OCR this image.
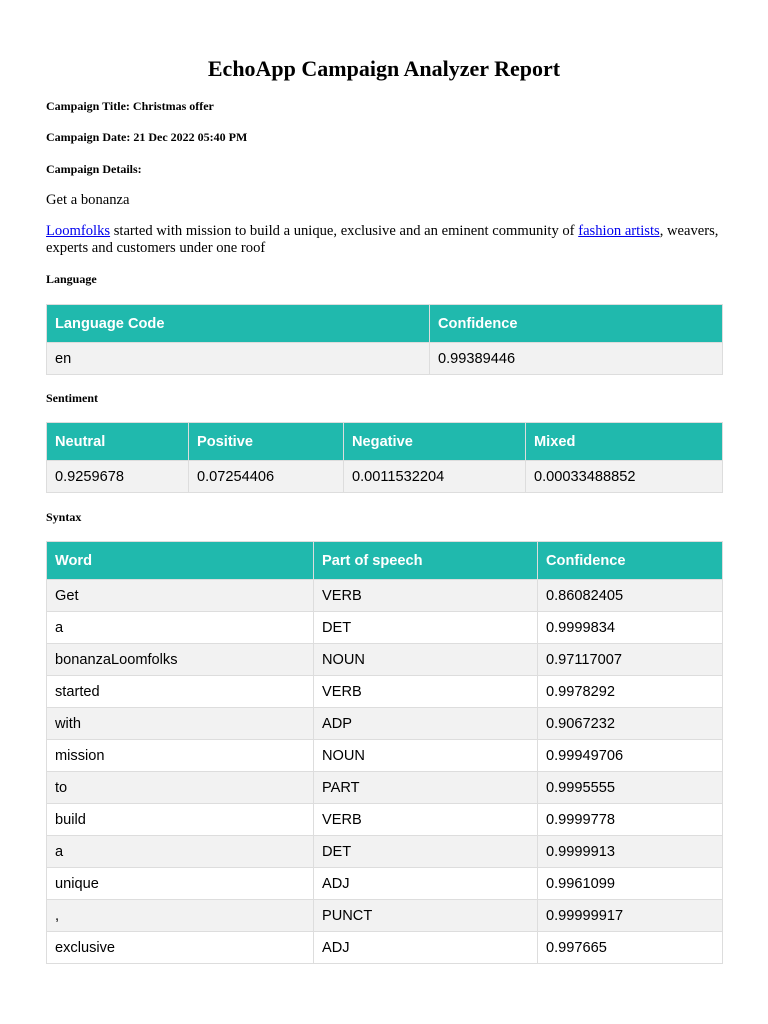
EchoApp Campaign Analyzer Report
Campaign Title: Christmas offer
Campaign Date: 21 Dec 2022 05:40 PM
Campaign Details:
Get a bonanza
Loomfolks started with mission to build a unique, exclusive and an eminent community of fashion artists, weavers, experts and customers under one roof
Language
Language Code	Confidence
en	0.99389446
Sentiment
Neutral	Positive	Negative	Mixed
0.9259678	0.07254406	0.0011532204	0.00033488852
Syntax
Word	Part of speech	Confidence
Get	VERB	0.86082405
a	DET	0.9999834
bonanzaLoomfolks	NOUN	0.97117007
started	VERB	0.9978292
with	ADP	0.9067232
mission	NOUN	0.99949706
to	PART	0.9995555
build	VERB	0.9999778
a	DET	0.9999913
unique	ADJ	0.9961099
,	PUNCT	0.99999917
exclusive	ADJ	0.997665
